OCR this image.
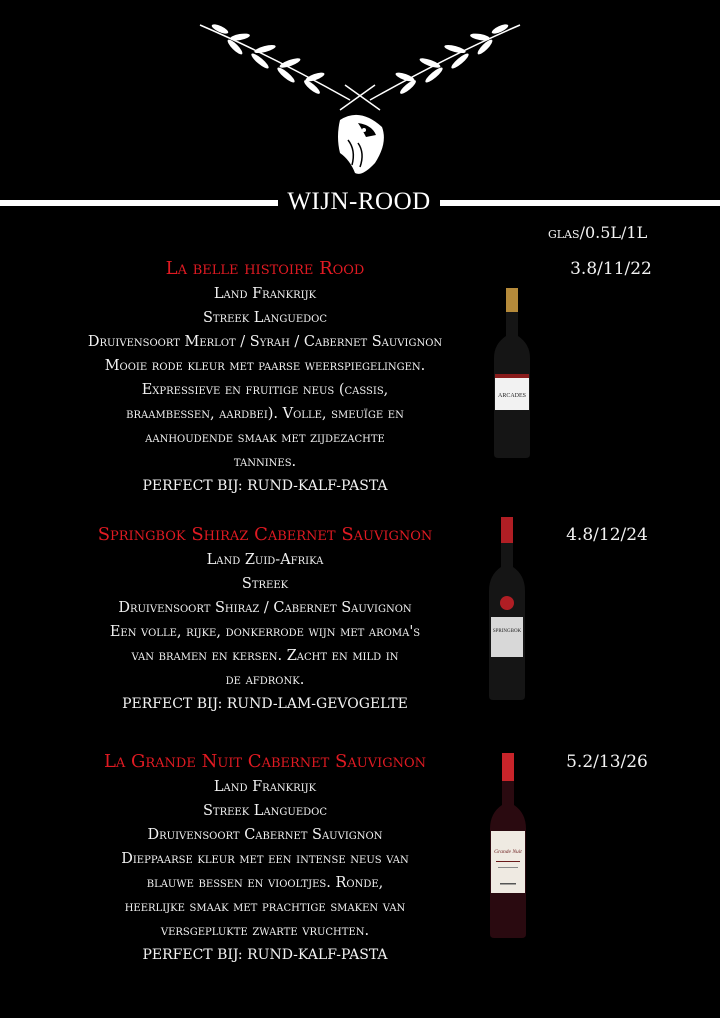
WIJN-ROOD
glas/0.5L/1L
La belle histoire Rood
Land Frankrijk
Streek Languedoc
Druivensoort Merlot / Syrah / Cabernet Sauvignon
Mooie rode kleur met paarse weerspiegelingen.
Expressieve en fruitige neus (cassis,
braambessen, aardbei). Volle, smeuïge en
aanhoudende smaak met zijdezachte
tannines.
PERFECT BIJ: RUND-KALF-PASTA
3.8/11/22
ARCADES
Springbok Shiraz Cabernet Sauvignon
Land Zuid-Afrika
Streek
Druivensoort Shiraz / Cabernet Sauvignon
Een volle, rijke, donkerrode wijn met aroma's
van bramen en kersen. Zacht en mild in
de afdronk.
PERFECT BIJ: RUND-LAM-GEVOGELTE
4.8/12/24
SPRINGBOK
La Grande Nuit Cabernet Sauvignon
Land Frankrijk
Streek Languedoc
Druivensoort Cabernet Sauvignon
Dieppaarse kleur met een intense neus van
blauwe bessen en viooltjes. Ronde,
heerlijke smaak met prachtige smaken van
versgeplukte zwarte vruchten.
PERFECT BIJ: RUND-KALF-PASTA
5.2/13/26
Grande Nuit
